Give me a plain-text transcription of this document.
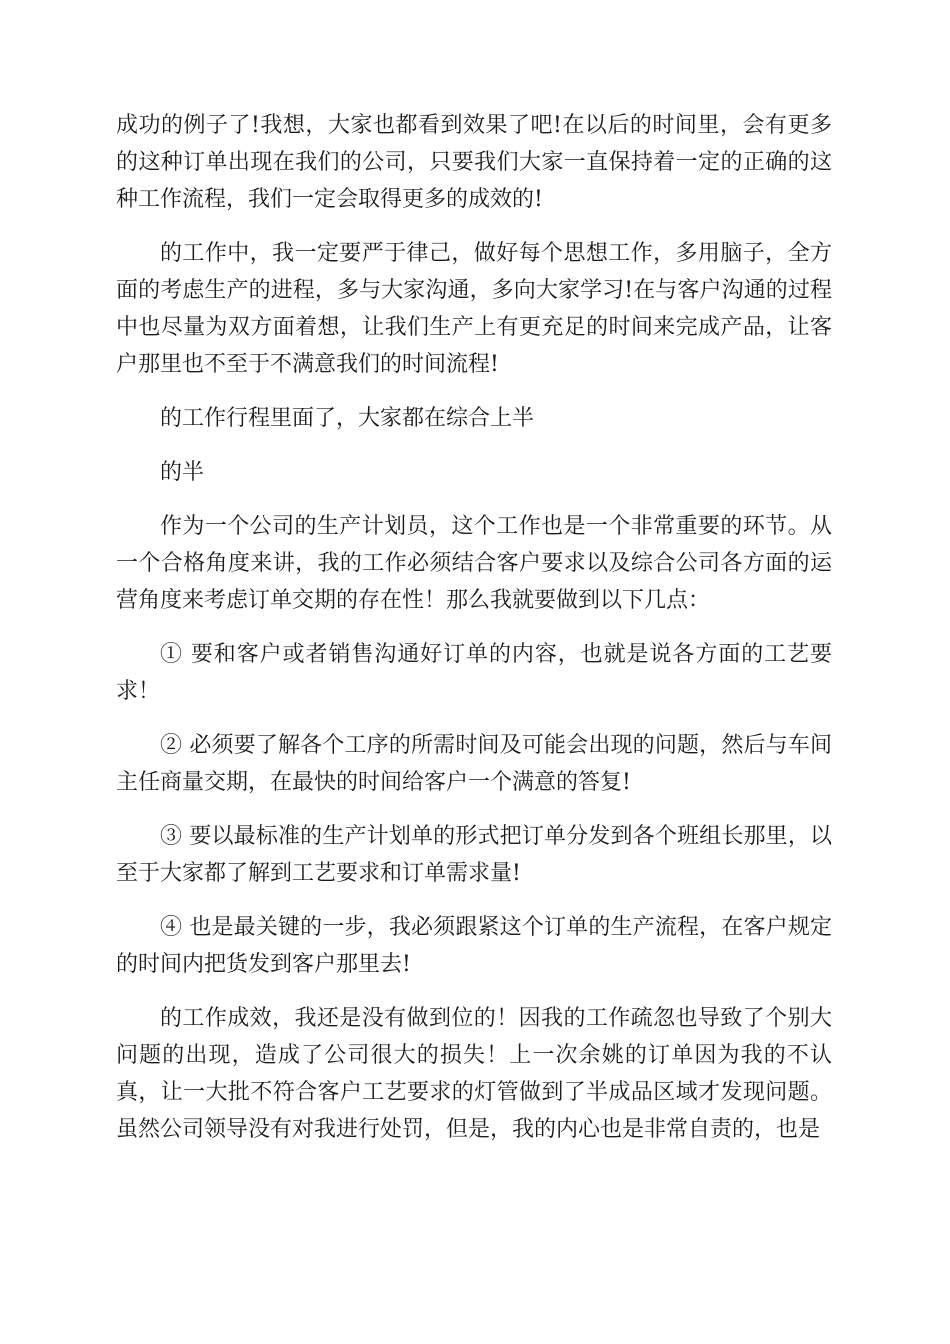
成功的例子了!我想，大家也都看到效果了吧!在以后的时间里，会有更多的这种订单出现在我们的公司，只要我们大家一直保持着一定的正确的这种工作流程，我们一定会取得更多的成效的!

的工作中，我一定要严于律己，做好每个思想工作，多用脑子，全方面的考虑生产的进程，多与大家沟通，多向大家学习!在与客户沟通的过程中也尽量为双方面着想，让我们生产上有更充足的时间来完成产品，让客户那里也不至于不满意我们的时间流程!

的工作行程里面了，大家都在综合上半

的半

作为一个公司的生产计划员，这个工作也是一个非常重要的环节。从一个合格角度来讲，我的工作必须结合客户要求以及综合公司各方面的运营角度来考虑订单交期的存在性！那么我就要做到以下几点：

① 要和客户或者销售沟通好订单的内容，也就是说各方面的工艺要求！

② 必须要了解各个工序的所需时间及可能会出现的问题，然后与车间主任商量交期，在最快的时间给客户一个满意的答复!

③ 要以最标准的生产计划单的形式把订单分发到各个班组长那里，以至于大家都了解到工艺要求和订单需求量!

④ 也是最关键的一步，我必须跟紧这个订单的生产流程，在客户规定的时间内把货发到客户那里去!

的工作成效，我还是没有做到位的！因我的工作疏忽也导致了个别大问题的出现，造成了公司很大的损失！上一次余姚的订单因为我的不认真，让一大批不符合客户工艺要求的灯管做到了半成品区域才发现问题。虽然公司领导没有对我进行处罚，但是，我的内心也是非常自责的，也是
